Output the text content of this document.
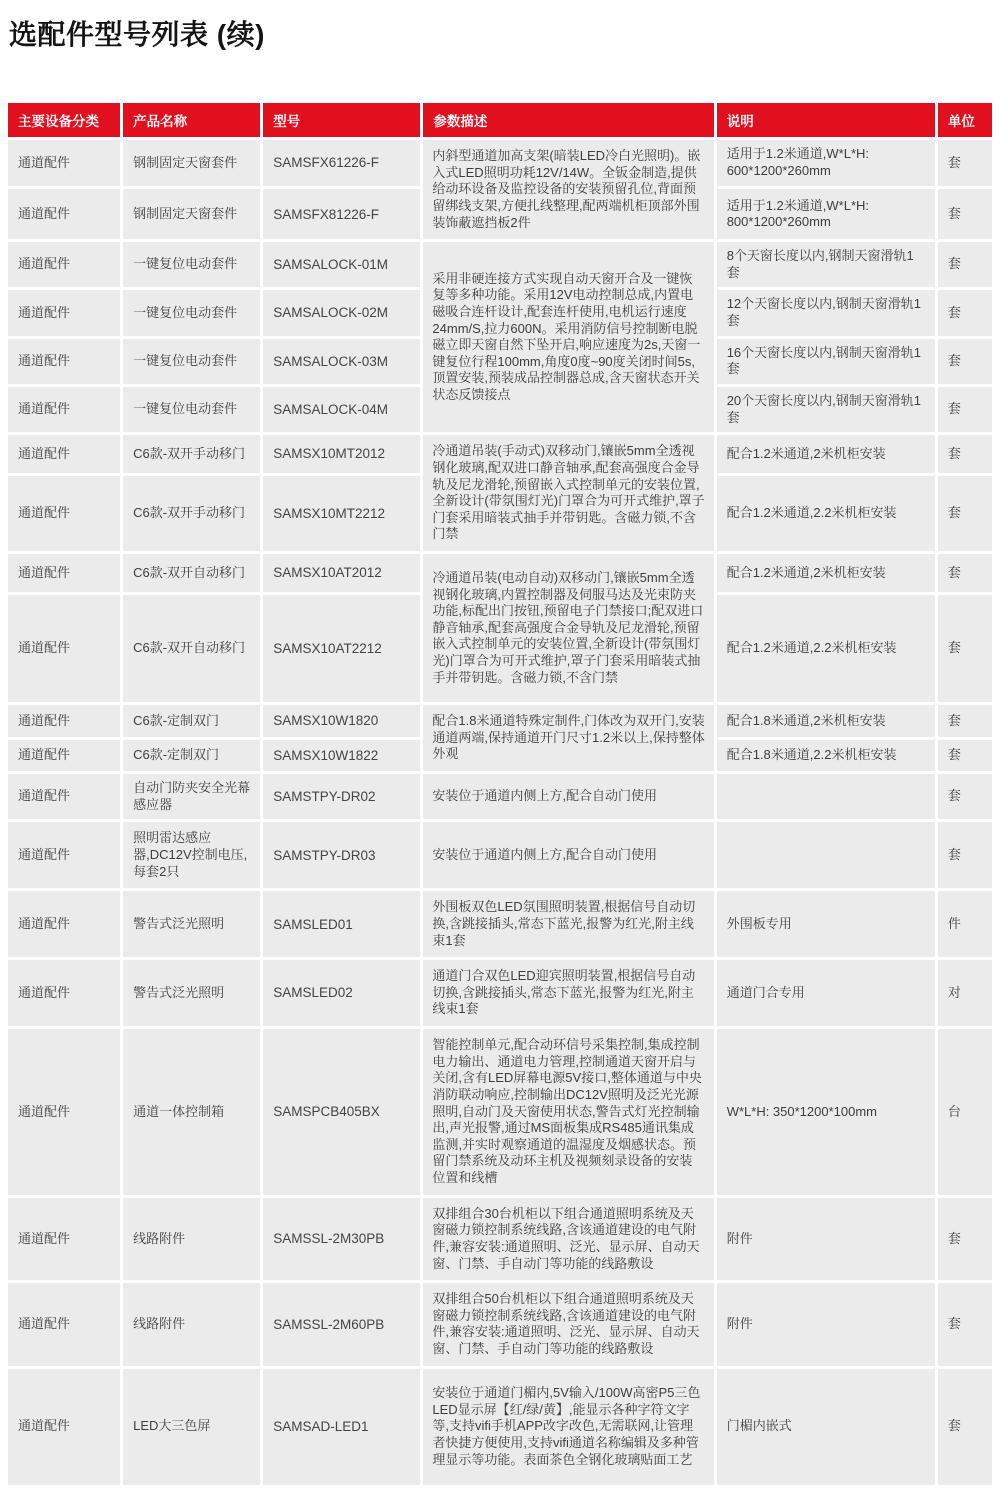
选配件型号列表 (续)
主要设备分类	产品名称	型号	参数描述	说明	单位
通道配件	钢制固定天窗套件	SAMSFX61226-F	内斜型通道加高支架(暗装LED冷白光照明)。嵌入式LED照明功耗12V/14W。全钣金制造,提供给动环设备及监控设备的安装预留孔位,背面预留绑线支架,方便扎线整理,配两端机柜顶部外围装饰蔽遮挡板2件	适用于1.2米通道,W*L*H: 600*1200*260mm	套
通道配件	钢制固定天窗套件	SAMSFX81226-F		适用于1.2米通道,W*L*H: 800*1200*260mm	套
通道配件	一键复位电动套件	SAMSALOCK-01M	采用非硬连接方式实现自动天窗开合及一键恢复等多种功能。采用12V电动控制总成,内置电磁吸合连杆设计,配套连杆使用,电机运行速度24mm/S,拉力600N。采用消防信号控制断电脱磁立即天窗自然下坠开启,响应速度为2s,天窗一键复位行程100mm,角度0度~90度关闭时间5s,顶置安装,预装成品控制器总成,含天窗状态开关状态反馈接点	8个天窗长度以内,钢制天窗滑轨1套	套
通道配件	一键复位电动套件	SAMSALOCK-02M		12个天窗长度以内,钢制天窗滑轨1套	套
通道配件	一键复位电动套件	SAMSALOCK-03M		16个天窗长度以内,钢制天窗滑轨1套	套
通道配件	一键复位电动套件	SAMSALOCK-04M		20个天窗长度以内,钢制天窗滑轨1套	套
通道配件	C6款-双开手动移门	SAMSX10MT2012	冷通道吊装(手动式)双移动门,镶嵌5mm全透视钢化玻璃,配双进口静音轴承,配套高强度合金导轨及尼龙滑轮,预留嵌入式控制单元的安装位置,全新设计(带氛围灯光)门罩合为可开式维护,罩子门套采用暗装式抽手并带钥匙。含磁力锁,不含门禁	配合1.2米通道,2米机柜安装	套
通道配件	C6款-双开手动移门	SAMSX10MT2212		配合1.2米通道,2.2米机柜安装	套
通道配件	C6款-双开自动移门	SAMSX10AT2012	冷通道吊装(电动自动)双移动门,镶嵌5mm全透视钢化玻璃,内置控制器及伺服马达及光束防夹功能,标配出门按钮,预留电子门禁接口;配双进口静音轴承,配套高强度合金导轨及尼龙滑轮,预留嵌入式控制单元的安装位置,全新设计(带氛围灯光)门罩合为可开式维护,罩子门套采用暗装式抽手并带钥匙。含磁力锁,不含门禁	配合1.2米通道,2米机柜安装	套
通道配件	C6款-双开自动移门	SAMSX10AT2212		配合1.2米通道,2.2米机柜安装	套
通道配件	C6款-定制双门	SAMSX10W1820	配合1.8米通道特殊定制件,门体改为双开门,安装通道两端,保持通道开门尺寸1.2米以上,保持整体外观	配合1.8米通道,2米机柜安装	套
通道配件	C6款-定制双门	SAMSX10W1822		配合1.8米通道,2.2米机柜安装	套
通道配件	自动门防夹安全光幕感应器	SAMSTPY-DR02	安装位于通道内侧上方,配合自动门使用		套
通道配件	照明雷达感应器,DC12V控制电压,每套2只	SAMSTPY-DR03	安装位于通道内侧上方,配合自动门使用		套
通道配件	警告式泛光照明	SAMSLED01	外围板双色LED氛围照明装置,根据信号自动切换,含跳接插头,常态下蓝光,报警为红光,附主线束1套	外围板专用	件
通道配件	警告式泛光照明	SAMSLED02	通道门合双色LED迎宾照明装置,根据信号自动切换,含跳接插头,常态下蓝光,报警为红光,附主线束1套	通道门合专用	对
通道配件	通道一体控制箱	SAMSPCB405BX	智能控制单元,配合动环信号采集控制,集成控制电力输出、通道电力管理,控制通道天窗开启与关闭,含有LED屏幕电源5V接口,整体通道与中央消防联动响应,控制输出DC12V照明及泛光光源照明,自动门及天窗使用状态,警告式灯光控制输出,声光报警,通过MS面板集成RS485通讯集成监测,并实时观察通道的温湿度及烟感状态。预留门禁系统及动环主机及视频刻录设备的安装位置和线槽	W*L*H: 350*1200*100mm	台
通道配件	线路附件	SAMSSL-2M30PB	双排组合30台机柜以下组合通道照明系统及天窗磁力锁控制系统线路,含该通道建设的电气附件,兼容安装:通道照明、泛光、显示屏、自动天窗、门禁、手自动门等功能的线路敷设	附件	套
通道配件	线路附件	SAMSSL-2M60PB	双排组合50台机柜以下组合通道照明系统及天窗磁力锁控制系统线路,含该通道建设的电气附件,兼容安装:通道照明、泛光、显示屏、自动天窗、门禁、手自动门等功能的线路敷设	附件	套
通道配件	LED大三色屏	SAMSAD-LED1	安装位于通道门楣内,5V输入/100W高密P5三色LED显示屏【红/绿/黄】,能显示各种字符文字等,支持vifi手机APP改字改色,无需联网,让管理者快捷方便使用,支持vifi通道名称编辑及多种管理显示等功能。表面茶色全钢化玻璃贴面工艺	门楣内嵌式	套
